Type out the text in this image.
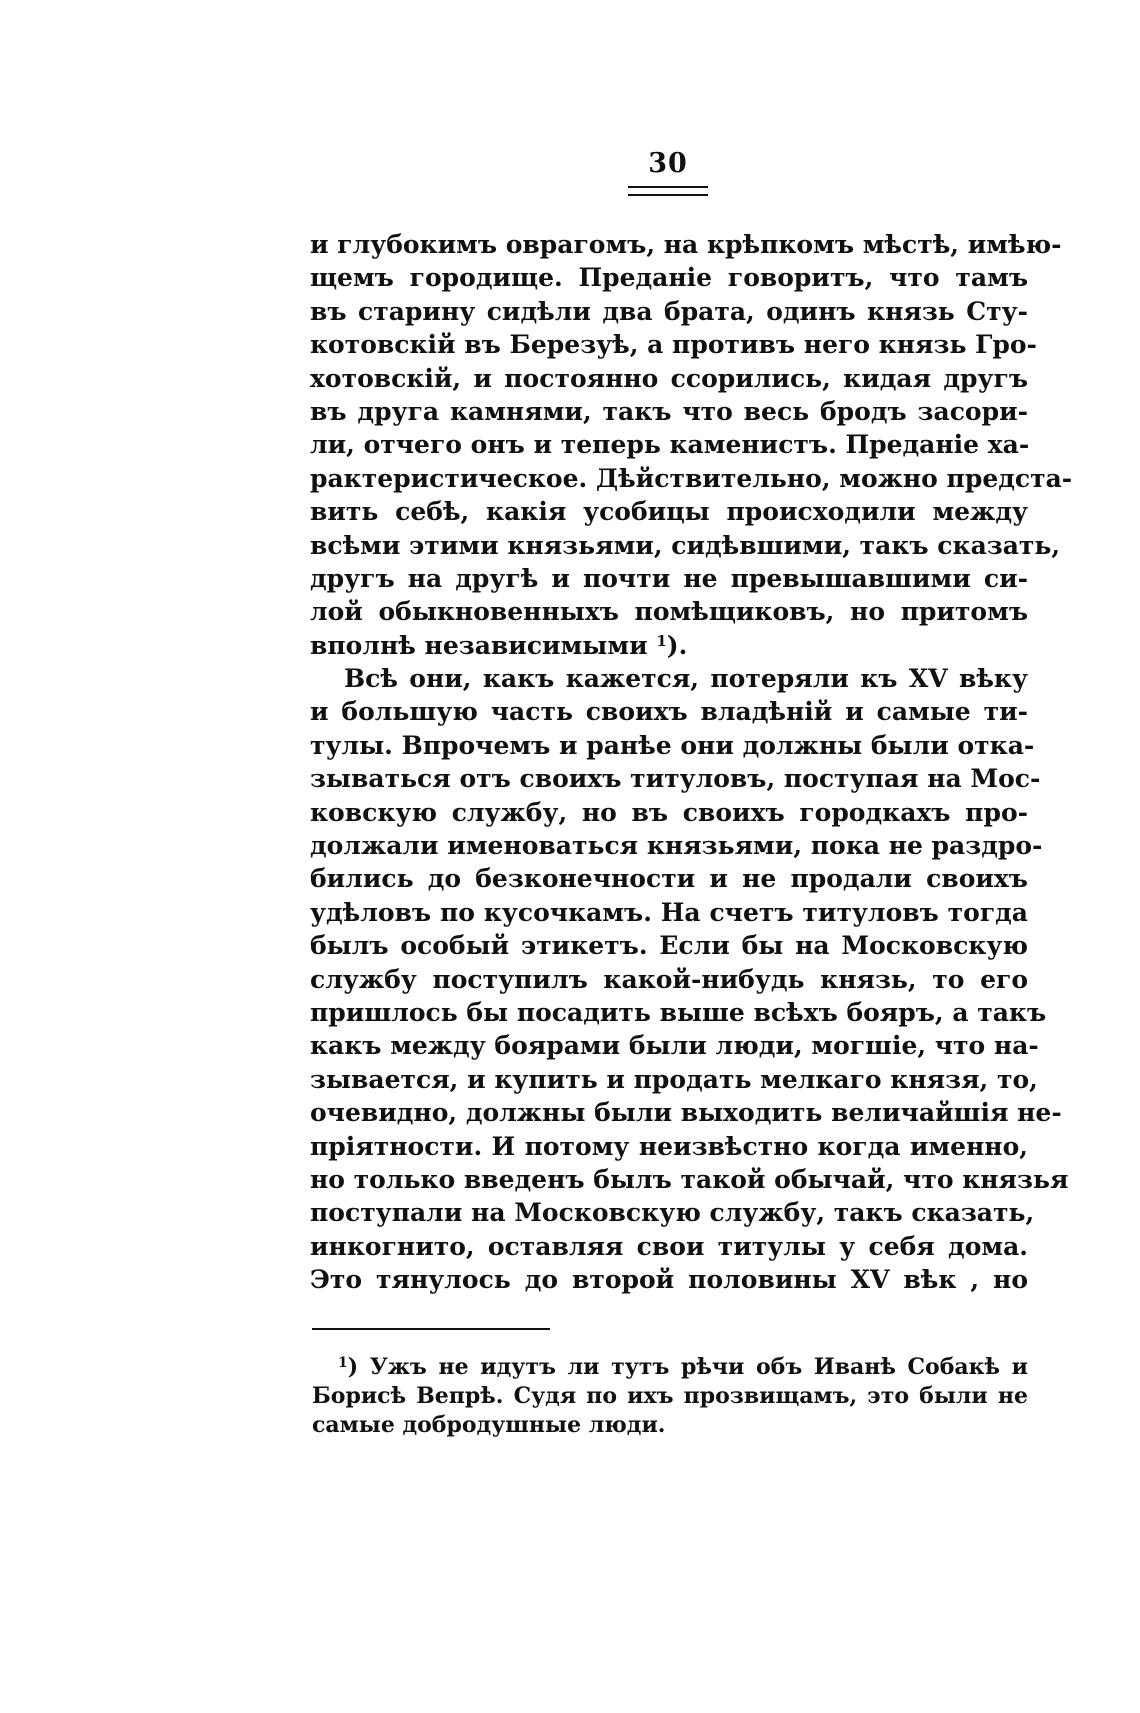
30
и глубокимъ оврагомъ, на крѣпкомъ мѣстѣ, имѣю-
щемъ городище. Преданіе говоритъ, что тамъ
въ старину сидѣли два брата, одинъ князь Сту-
котовскій въ Березуѣ, а противъ него князь Гро-
хотовскій, и постоянно ссорились, кидая другъ
въ друга камнями, такъ что весь бродъ засори-
ли, отчего онъ и теперь каменистъ. Преданіе ха-
рактеристическое. Дѣйствительно, можно предста-
вить себѣ, какія усобицы происходили между
всѣми этими князьями, сидѣвшими, такъ сказать,
другъ на другѣ и почти не превышавшими си-
лой обыкновенныхъ помѣщиковъ, но притомъ
вполнѣ независимыми $^1$).
Всѣ они, какъ кажется, потеряли къ XV вѣку
и большую часть своихъ владѣній и самые ти-
тулы. Впрочемъ и ранѣе они должны были отка-
зываться отъ своихъ титуловъ, поступая на Мос-
ковскую службу, но въ своихъ городкахъ про-
должали именоваться князьями, пока не раздро-
бились до безконечности и не продали своихъ
удѣловъ по кусочкамъ. На счетъ титуловъ тогда
былъ особый этикетъ. Если бы на Московскую
службу поступилъ какой-нибудь князь, то его
пришлось бы посадить выше всѣхъ бояръ, а такъ
какъ между боярами были люди, могшіе, что на-
зывается, и купить и продать мелкаго князя, то,
очевидно, должны были выходить величайшія не-
пріятности. И потому неизвѣстно когда именно,
но только введенъ былъ такой обычай, что князья
поступали на Московскую службу, такъ сказать,
инкогнито, оставляя свои титулы у себя дома.
Это тянулось до второй половины XV вѣк , но
$^1$) Ужъ не идутъ ли тутъ рѣчи объ Иванѣ Собакѣ и
Борисѣ Вепрѣ. Судя по ихъ прозвищамъ, это были не
самые добродушные люди.
